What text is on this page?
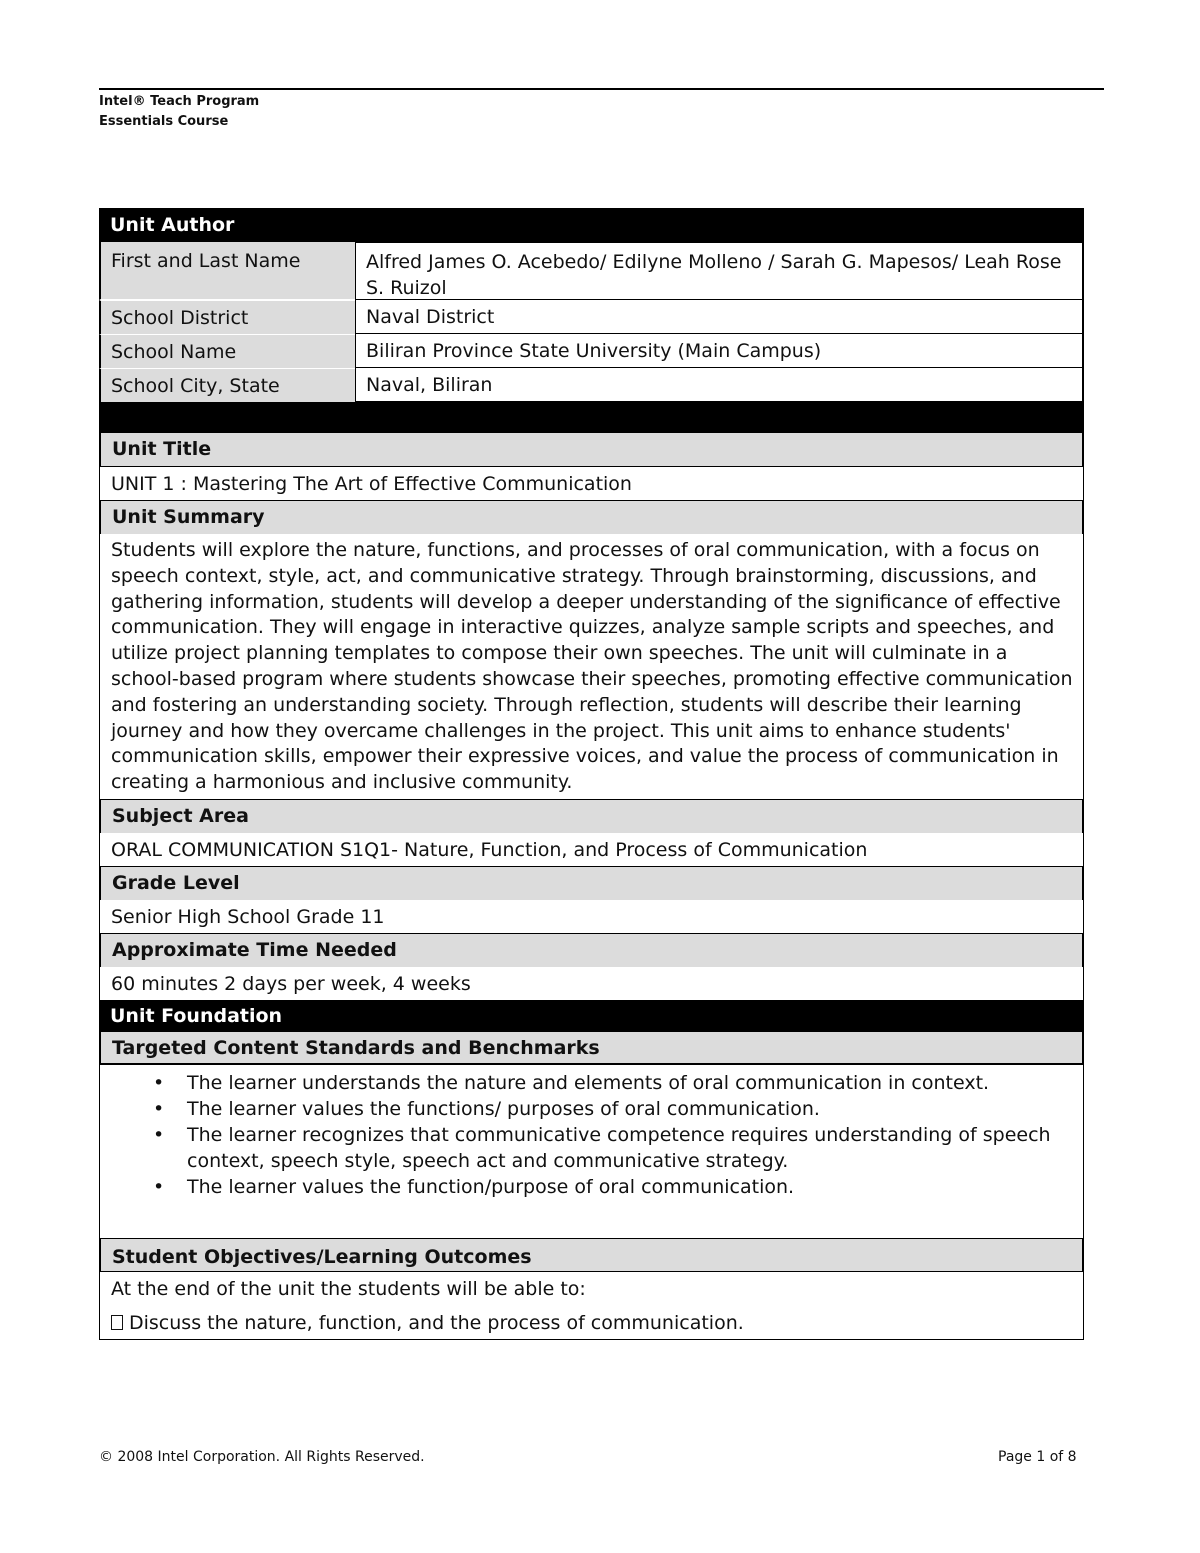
Intel® Teach Program
Essentials Course
Unit Author
First and Last Name	Alfred James O. Acebedo/ Edilyne Molleno / Sarah G. Mapesos/ Leah Rose S. Ruizol
School District	Naval District
School Name	Biliran Province State University (Main Campus)
School City, State	Naval, Biliran
Unit Title
UNIT 1 : Mastering The Art of Effective Communication
Unit Summary
Students will explore the nature, functions, and processes of oral communication, with a focus on speech context, style, act, and communicative strategy. Through brainstorming, discussions, and gathering information, students will develop a deeper understanding of the significance of effective communication. They will engage in interactive quizzes, analyze sample scripts and speeches, and utilize project planning templates to compose their own speeches. The unit will culminate in a school-based program where students showcase their speeches, promoting effective communication and fostering an understanding society. Through reflection, students will describe their learning journey and how they overcame challenges in the project. This unit aims to enhance students' communication skills, empower their expressive voices, and value the process of communication in creating a harmonious and inclusive community.
Subject Area
ORAL COMMUNICATION S1Q1- Nature, Function, and Process of Communication
Grade Level
Senior High School Grade 11
Approximate Time Needed
60 minutes 2 days per week, 4 weeks
Unit Foundation
Targeted Content Standards and Benchmarks
• The learner understands the nature and elements of oral communication in context.
• The learner values the functions/ purposes of oral communication.
• The learner recognizes that communicative competence requires understanding of speech context, speech style, speech act and communicative strategy.
• The learner values the function/purpose of oral communication.
Student Objectives/Learning Outcomes
At the end of the unit the students will be able to:
Discuss the nature, function, and the process of communication.
© 2008 Intel Corporation. All Rights Reserved.	Page 1 of 8
